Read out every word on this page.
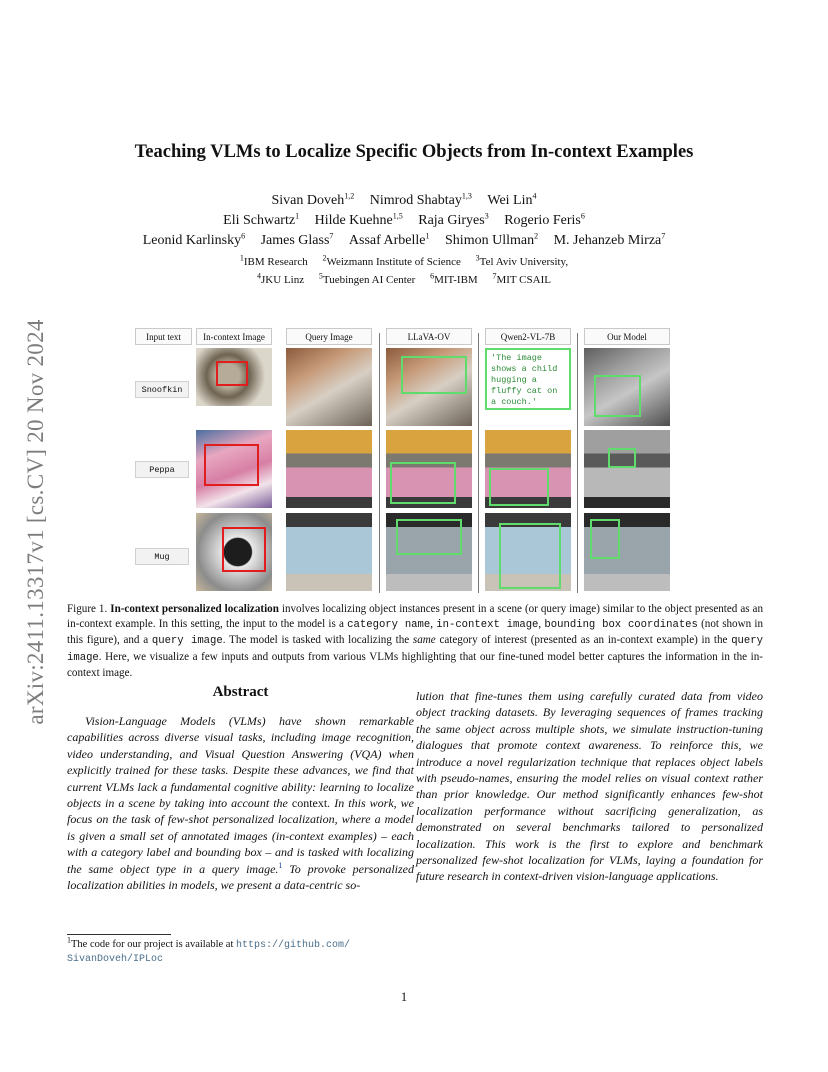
arXiv:2411.13317v1 [cs.CV] 20 Nov 2024
Teaching VLMs to Localize Specific Objects from In-context Examples
Sivan Doveh$^{1,2}$ Nimrod Shabtay$^{1,3}$ Wei Lin$^4$
Eli Schwartz$^1$ Hilde Kuehne$^{1,5}$ Raja Giryes$^3$ Rogerio Feris$^6$
Leonid Karlinsky$^6$ James Glass$^7$ Assaf Arbelle$^1$ Shimon Ullman$^2$ M. Jehanzeb Mirza$^7$
$^1$IBM Research $^2$Weizmann Institute of Science $^3$Tel Aviv University,
$^4$JKU Linz $^5$Tuebingen AI Center $^6$MIT-IBM $^7$MIT CSAIL
Input text	In-context Image	Query Image	LLaVA-OV	Qwen2-VL-7B	Our Model
Snoofkin
Peppa
Mug
'The image
shows a child
hugging a
fluffy cat on
a couch.'
Figure 1. In-context personalized localization involves localizing object instances present in a scene (or query image) similar to the object presented as an in-context example. In this setting, the input to the model is a category name, in-context image, bounding box coordinates (not shown in this figure), and a query image. The model is tasked with localizing the same category of interest (presented as an in-context example) in the query image. Here, we visualize a few inputs and outputs from various VLMs highlighting that our fine-tuned model better captures the information in the in-context image.
Abstract
Vision-Language Models (VLMs) have shown remarkable capabilities across diverse visual tasks, including image recognition, video understanding, and Visual Question Answering (VQA) when explicitly trained for these tasks. Despite these advances, we find that current VLMs lack a fundamental cognitive ability: learning to localize objects in a scene by taking into account the context. In this work, we focus on the task of few-shot personalized localization, where a model is given a small set of annotated images (in-context examples) – each with a category label and bounding box – and is tasked with localizing the same object type in a query image.$^1$ To provoke personalized localization abilities in models, we present a data-centric so-
lution that fine-tunes them using carefully curated data from video object tracking datasets. By leveraging sequences of frames tracking the same object across multiple shots, we simulate instruction-tuning dialogues that promote context awareness. To reinforce this, we introduce a novel regularization technique that replaces object labels with pseudo-names, ensuring the model relies on visual context rather than prior knowledge. Our method significantly enhances few-shot localization performance without sacrificing generalization, as demonstrated on several benchmarks tailored to personalized localization. This work is the first to explore and benchmark personalized few-shot localization for VLMs, laying a foundation for future research in context-driven vision-language applications.
$^1$The code for our project is available at https://github.com/
SivanDoveh/IPLoc
1
